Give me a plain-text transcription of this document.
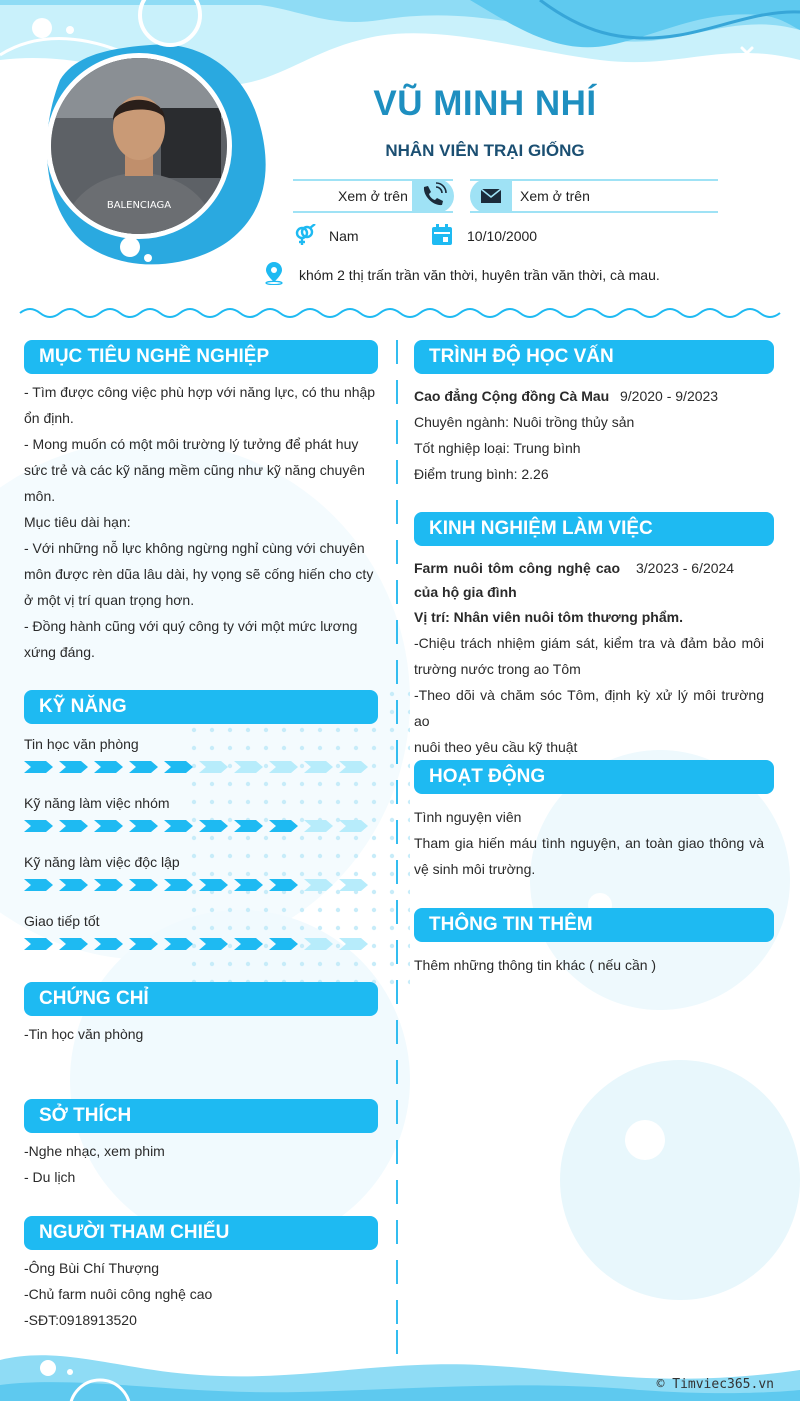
BALENCIAGA
VŨ MINH NHÍ
NHÂN VIÊN TRẠI GIỐNG
Xem ở trên	Xem ở trên
Nam	10/10/2000
khóm 2 thị trấn trần văn thời, huyên trần văn thời, cà mau.
MỤC TIÊU NGHỀ NGHIỆP
- Tìm được công việc phù hợp với năng lực, có thu nhập
ổn định.
- Mong muốn có một môi trường lý tưởng để phát huy
sức trẻ và các kỹ năng mềm cũng như kỹ năng chuyên
môn.
Mục tiêu dài hạn:
- Với những nỗ lực không ngừng nghỉ cùng với chuyên
môn được rèn dũa lâu dài, hy vọng sẽ cống hiến cho cty
ở một vị trí quan trọng hơn.
- Đồng hành cũng với quý công ty với một mức lương
xứng đáng.
KỸ NĂNG
Tin học văn phòng
Kỹ năng làm việc nhóm
Kỹ năng làm việc độc lập
Giao tiếp tốt
CHỨNG CHỈ
-Tin học văn phòng
SỞ THÍCH
-Nghe nhạc, xem phim
- Du lịch
NGƯỜI THAM CHIẾU
-Ông Bùi Chí Thượng
-Chủ farm nuôi công nghệ cao
-SĐT:0918913520
TRÌNH ĐỘ HỌC VẤN
Cao đẳng Cộng đồng Cà Mau 9/2020 - 9/2023
Chuyên ngành: Nuôi trồng thủy sản
Tốt nghiệp loại: Trung bình
Điểm trung bình: 2.26
KINH NGHIỆM LÀM VIỆC
Farm nuôi tôm công nghệ cao 3/2023 - 6/2024
của hộ gia đình
Vị trí: Nhân viên nuôi tôm thương phẩm.
-Chiệu trách nhiệm giám sát, kiểm tra và đảm bảo môi
trường nước trong ao Tôm
-Theo dõi và chăm sóc Tôm, định kỳ xử lý môi trường ao
nuôi theo yêu cầu kỹ thuật
HOẠT ĐỘNG
Tình nguyện viên
Tham gia hiến máu tình nguyện, an toàn giao thông và
vệ sinh môi trường.
THÔNG TIN THÊM
Thêm những thông tin khác ( nếu cần )
© Timviec365.vn
